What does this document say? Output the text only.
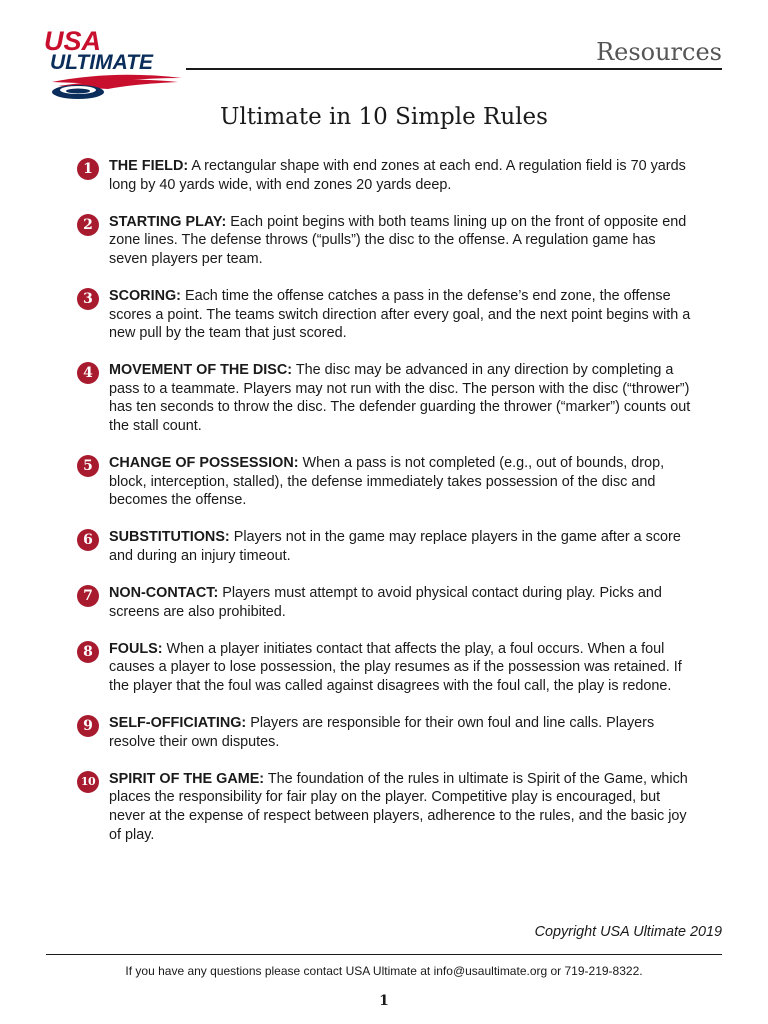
USA
ULTIMATE	Resources
Ultimate in 10 Simple Rules
1	THE FIELD: A rectangular shape with end zones at each end. A regulation field is 70 yards long by 40 yards wide, with end zones 20 yards deep.
2	STARTING PLAY: Each point begins with both teams lining up on the front of opposite end zone lines. The defense throws (“pulls”) the disc to the offense. A regulation game has seven players per team.
3	SCORING: Each time the offense catches a pass in the defense’s end zone, the offense scores a point. The teams switch direction after every goal, and the next point begins with a new pull by the team that just scored.
4	MOVEMENT OF THE DISC: The disc may be advanced in any direction by completing a pass to a teammate. Players may not run with the disc. The person with the disc (“thrower”) has ten seconds to throw the disc. The defender guarding the thrower (“marker”) counts out the stall count.
5	CHANGE OF POSSESSION: When a pass is not completed (e.g., out of bounds, drop, block, interception, stalled), the defense immediately takes possession of the disc and becomes the offense.
6	SUBSTITUTIONS: Players not in the game may replace players in the game after a score and during an injury timeout.
7	NON-CONTACT: Players must attempt to avoid physical contact during play. Picks and screens are also prohibited.
8	FOULS: When a player initiates contact that affects the play, a foul occurs. When a foul causes a player to lose possession, the play resumes as if the possession was retained. If the player that the foul was called against disagrees with the foul call, the play is redone.
9	SELF-OFFICIATING: Players are responsible for their own foul and line calls. Players resolve their own disputes.
10 SPIRIT OF THE GAME: The foundation of the rules in ultimate is Spirit of the Game, which places the responsibility for fair play on the player. Competitive play is encouraged, but never at the expense of respect between players, adherence to the rules, and the basic joy of play.
Copyright USA Ultimate 2019
If you have any questions please contact USA Ultimate at info@usaultimate.org or 719-219-8322.
1
